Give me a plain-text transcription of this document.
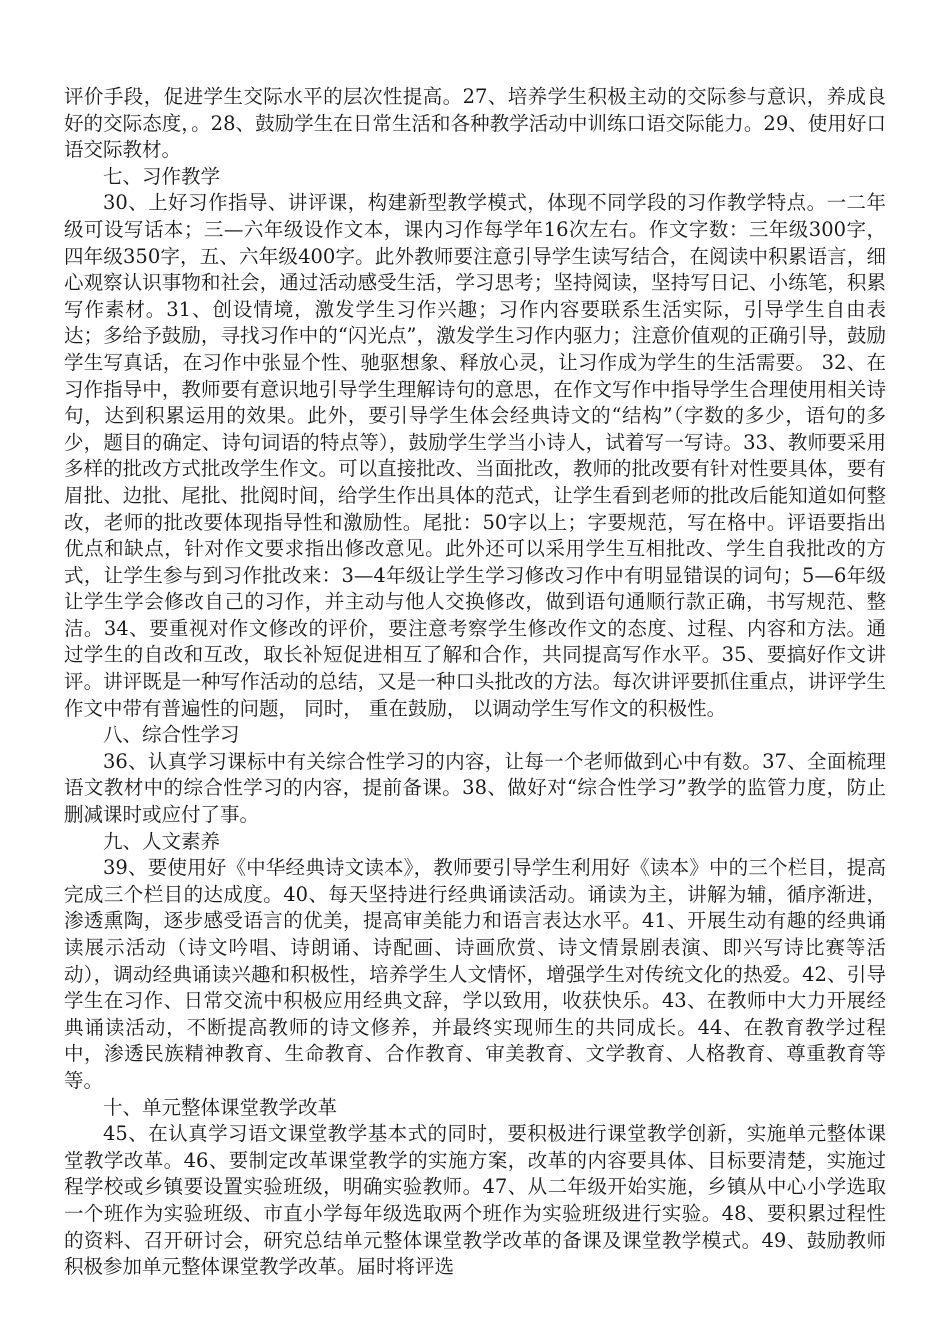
评价手段，促进学生交际水平的层次性提高。27、培养学生积极主动的交际参与意识，养成良好的交际态度，。28、鼓励学生在日常生活和各种教学活动中训练口语交际能力。29、使用好口语交际教材。

七、习作教学

30、上好习作指导、讲评课，构建新型教学模式，体现不同学段的习作教学特点。一二年级可设写话本；三—六年级设作文本，课内习作每学年16次左右。作文字数：三年级300字，四年级350字，五、六年级400字。此外教师要注意引导学生读写结合，在阅读中积累语言，细心观察认识事物和社会，通过活动感受生活，学习思考；坚持阅读，坚持写日记、小练笔，积累写作素材。31、创设情境，激发学生习作兴趣；习作内容要联系生活实际，引导学生自由表达；多给予鼓励，寻找习作中的“闪光点”，激发学生习作内驱力；注意价值观的正确引导，鼓励学生写真话，在习作中张显个性、驰驱想象、释放心灵，让习作成为学生的生活需要。 32、在习作指导中，教师要有意识地引导学生理解诗句的意思，在作文写作中指导学生合理使用相关诗句，达到积累运用的效果。此外，要引导学生体会经典诗文的“结构”（字数的多少，语句的多少，题目的确定、诗句词语的特点等），鼓励学生学当小诗人，试着写一写诗。33、教师要采用多样的批改方式批改学生作文。可以直接批改、当面批改，教师的批改要有针对性要具体，要有眉批、边批、尾批、批阅时间，给学生作出具体的范式，让学生看到老师的批改后能知道如何整改，老师的批改要体现指导性和激励性。尾批：50字以上；字要规范，写在格中。评语要指出优点和缺点，针对作文要求指出修改意见。此外还可以采用学生互相批改、学生自我批改的方式，让学生参与到习作批改来：3—4年级让学生学习修改习作中有明显错误的词句；5—6年级让学生学会修改自己的习作，并主动与他人交换修改，做到语句通顺行款正确，书写规范、整洁。34、要重视对作文修改的评价，要注意考察学生修改作文的态度、过程、内容和方法。通过学生的自改和互改，取长补短促进相互了解和合作，共同提高写作水平。35、要搞好作文讲评。讲评既是一种写作活动的总结，又是一种口头批改的方法。每次讲评要抓住重点，讲评学生作文中带有普遍性的问题， 同时， 重在鼓励， 以调动学生写作文的积极性。

八、综合性学习

36、认真学习课标中有关综合性学习的内容，让每一个老师做到心中有数。37、全面梳理语文教材中的综合性学习的内容，提前备课。38、做好对“综合性学习”教学的监管力度，防止删减课时或应付了事。

九、人文素养

39、要使用好《中华经典诗文读本》，教师要引导学生利用好《读本》中的三个栏目，提高完成三个栏目的达成度。40、每天坚持进行经典诵读活动。诵读为主，讲解为辅，循序渐进，渗透熏陶，逐步感受语言的优美，提高审美能力和语言表达水平。41、开展生动有趣的经典诵读展示活动（诗文吟唱、诗朗诵、诗配画、诗画欣赏、诗文情景剧表演、即兴写诗比赛等活动），调动经典诵读兴趣和积极性，培养学生人文情怀，增强学生对传统文化的热爱。42、引导学生在习作、日常交流中积极应用经典文辞，学以致用，收获快乐。43、在教师中大力开展经典诵读活动，不断提高教师的诗文修养，并最终实现师生的共同成长。44、在教育教学过程中，渗透民族精神教育、生命教育、合作教育、审美教育、文学教育、人格教育、尊重教育等等。

十、单元整体课堂教学改革

45、在认真学习语文课堂教学基本式的同时，要积极进行课堂教学创新，实施单元整体课堂教学改革。46、要制定改革课堂教学的实施方案，改革的内容要具体、目标要清楚，实施过程学校或乡镇要设置实验班级，明确实验教师。47、从二年级开始实施，乡镇从中心小学选取一个班作为实验班级、市直小学每年级选取两个班作为实验班级进行实验。48、要积累过程性的资料、召开研讨会，研究总结单元整体课堂教学改革的备课及课堂教学模式。49、鼓励教师积极参加单元整体课堂教学改革。届时将评选
